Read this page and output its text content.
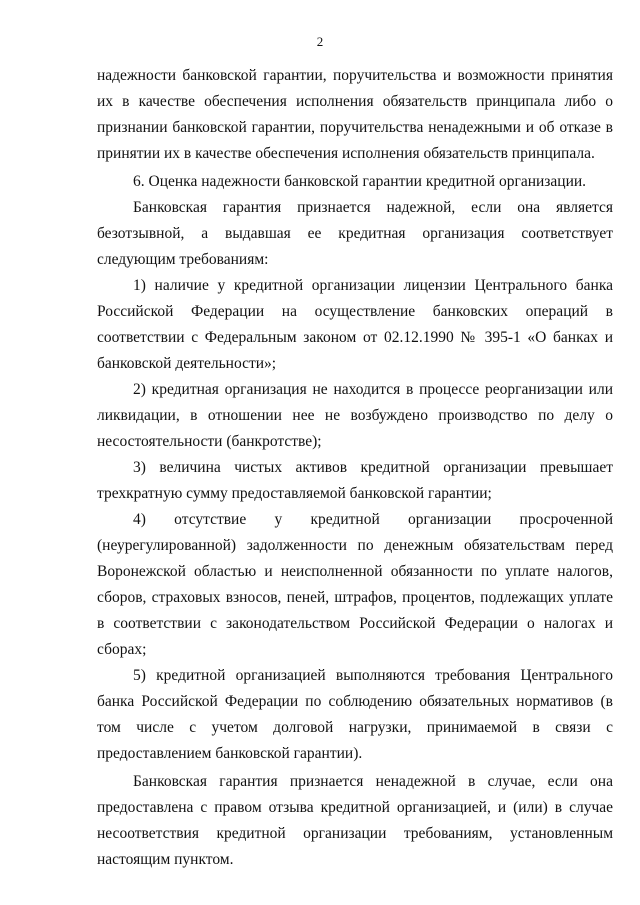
2

надежности банковской гарантии, поручительства и возможности принятия их в качестве обеспечения исполнения обязательств принципала либо о признании банковской гарантии, поручительства ненадежными и об отказе в принятии их в качестве обеспечения исполнения обязательств принципала.

6. Оценка надежности банковской гарантии кредитной организации.

Банковская гарантия признается надежной, если она является безотзывной, а выдавшая ее кредитная организация соответствует следующим требованиям:

1) наличие у кредитной организации лицензии Центрального банка Российской Федерации на осуществление банковских операций в соответствии с Федеральным законом от 02.12.1990 № 395-1 «О банках и банковской деятельности»;

2) кредитная организация не находится в процессе реорганизации или ликвидации, в отношении нее не возбуждено производство по делу о несостоятельности (банкротстве);

3) величина чистых активов кредитной организации превышает трехкратную сумму предоставляемой банковской гарантии;

4) отсутствие у кредитной организации просроченной (неурегулированной) задолженности по денежным обязательствам перед Воронежской областью и неисполненной обязанности по уплате налогов, сборов, страховых взносов, пеней, штрафов, процентов, подлежащих уплате в соответствии с законодательством Российской Федерации о налогах и сборах;

5) кредитной организацией выполняются требования Центрального банка Российской Федерации по соблюдению обязательных нормативов (в том числе с учетом долговой нагрузки, принимаемой в связи с предоставлением банковской гарантии).

Банковская гарантия признается ненадежной в случае, если она предоставлена с правом отзыва кредитной организацией, и (или) в случае несоответствия кредитной организации требованиям, установленным настоящим пунктом.
